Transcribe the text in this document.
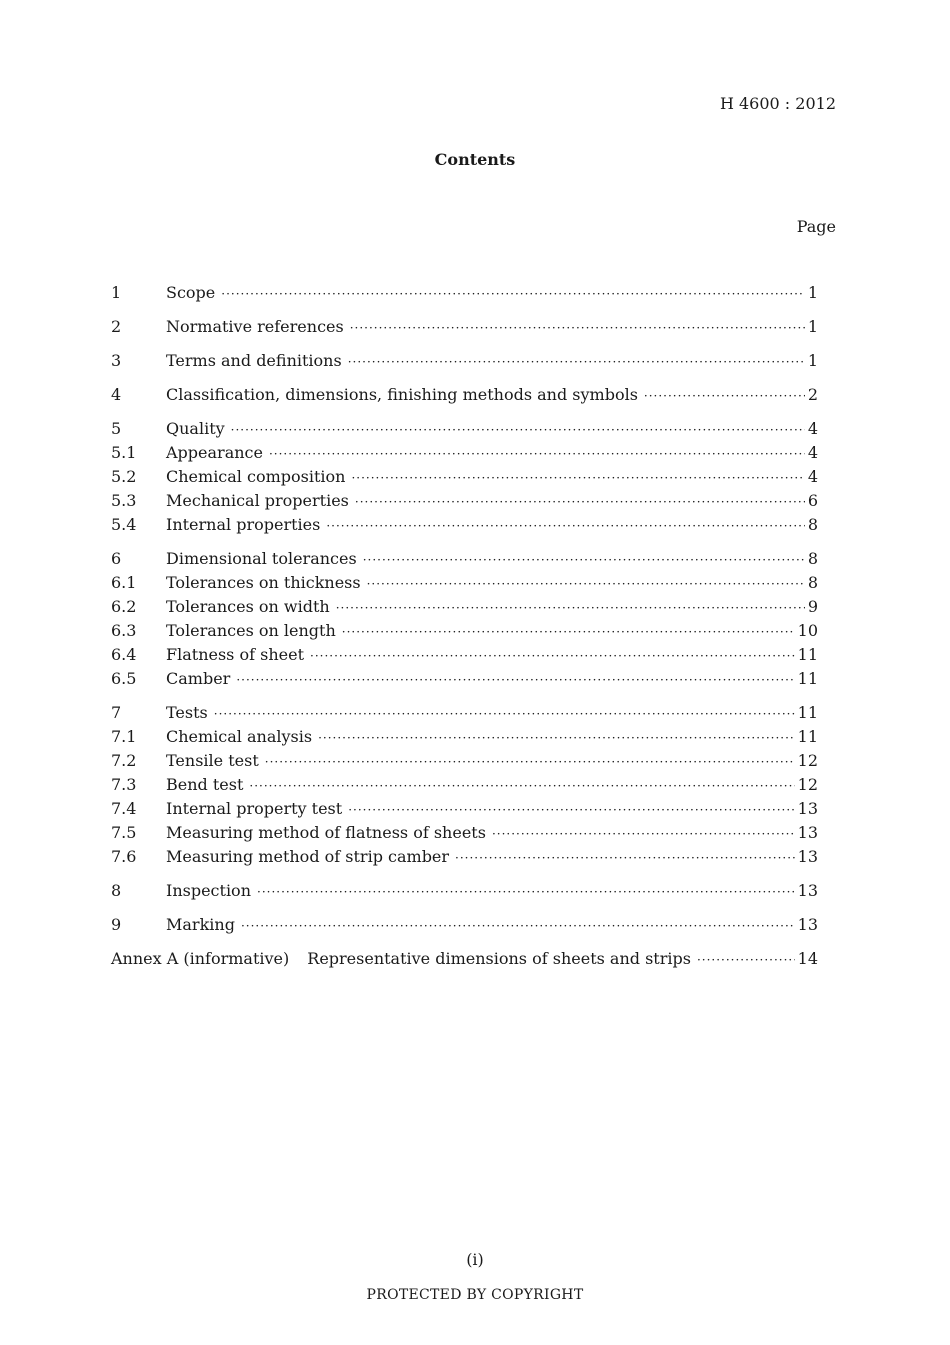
H 4600 : 2012
Contents
Page
1	Scope ·····	1
2	Normative references ·····	1
3	Terms and definitions ·····	1
4	Classification, dimensions, finishing methods and symbols ·····	2
5	Quality ·····	4
5.1	Appearance ·····	4
5.2	Chemical composition ·····	4
5.3	Mechanical properties ·····	6
5.4	Internal properties ·····	8
6	Dimensional tolerances ·····	8
6.1	Tolerances on thickness ·····	8
6.2	Tolerances on width ·····	9
6.3	Tolerances on length ·····	10
6.4	Flatness of sheet ·····	11
6.5	Camber ·····	11
7	Tests ·····	11
7.1	Chemical analysis ·····	11
7.2	Tensile test ·····	12
7.3	Bend test ·····	12
7.4	Internal property test ·····	13
7.5	Measuring method of flatness of sheets ·····	13
7.6	Measuring method of strip camber ·····	13
8	Inspection ·····	13
9	Marking ·····	13
Annex A (informative) Representative dimensions of sheets and strips ·····	14
(i)
PROTECTED BY COPYRIGHT
